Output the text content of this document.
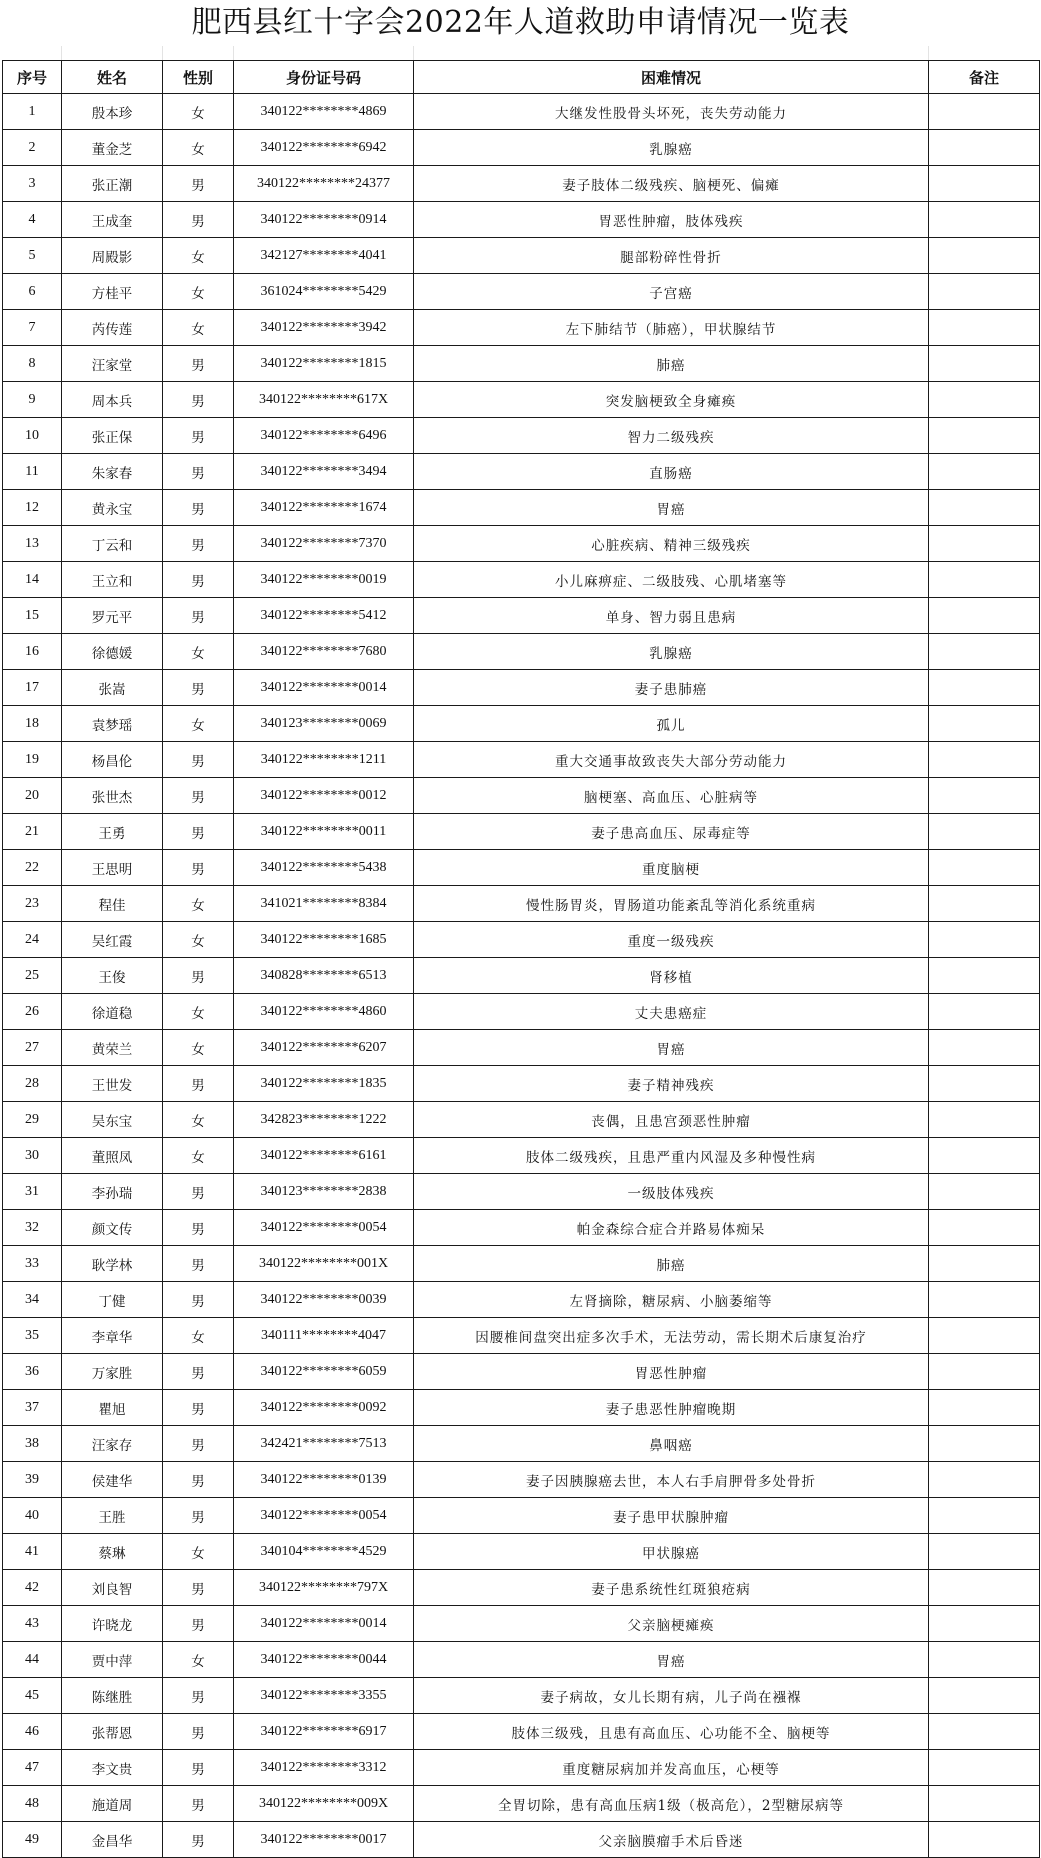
肥西县红十字会2022年人道救助申请情况一览表
序号	姓名	性别	身份证号码	困难情况	备注
1	殷本珍	女	340122********4869	大继发性股骨头坏死，丧失劳动能力	
2	董金芝	女	340122********6942	乳腺癌	
3	张正潮	男	340122********24377	妻子肢体二级残疾、脑梗死、偏瘫	
4	王成奎	男	340122********0914	胃恶性肿瘤，肢体残疾	
5	周殿影	女	342127********4041	腿部粉碎性骨折	
6	方桂平	女	361024********5429	子宫癌	
7	芮传莲	女	340122********3942	左下肺结节（肺癌），甲状腺结节	
8	汪家堂	男	340122********1815	肺癌	
9	周本兵	男	340122********617X	突发脑梗致全身瘫痪	
10	张正保	男	340122********6496	智力二级残疾	
11	朱家春	男	340122********3494	直肠癌	
12	黄永宝	男	340122********1674	胃癌	
13	丁云和	男	340122********7370	心脏疾病、精神三级残疾	
14	王立和	男	340122********0019	小儿麻痹症、二级肢残、心肌堵塞等	
15	罗元平	男	340122********5412	单身、智力弱且患病	
16	徐德媛	女	340122********7680	乳腺癌	
17	张嵩	男	340122********0014	妻子患肺癌	
18	袁梦瑶	女	340123********0069	孤儿	
19	杨昌伦	男	340122********1211	重大交通事故致丧失大部分劳动能力	
20	张世杰	男	340122********0012	脑梗塞、高血压、心脏病等	
21	王勇	男	340122********0011	妻子患高血压、尿毒症等	
22	王思明	男	340122********5438	重度脑梗	
23	程佳	女	341021********8384	慢性肠胃炎，胃肠道功能紊乱等消化系统重病	
24	吴红霞	女	340122********1685	重度一级残疾	
25	王俊	男	340828********6513	肾移植	
26	徐道稳	女	340122********4860	丈夫患癌症	
27	黄荣兰	女	340122********6207	胃癌	
28	王世发	男	340122********1835	妻子精神残疾	
29	吴东宝	女	342823********1222	丧偶，且患宫颈恶性肿瘤	
30	董照凤	女	340122********6161	肢体二级残疾，且患严重内风湿及多种慢性病	
31	李孙瑞	男	340123********2838	一级肢体残疾	
32	颜文传	男	340122********0054	帕金森综合症合并路易体痴呆	
33	耿学林	男	340122********001X	肺癌	
34	丁健	男	340122********0039	左肾摘除，糖尿病、小脑萎缩等	
35	李章华	女	340111********4047	因腰椎间盘突出症多次手术，无法劳动，需长期术后康复治疗	
36	万家胜	男	340122********6059	胃恶性肿瘤	
37	瞿旭	男	340122********0092	妻子患恶性肿瘤晚期	
38	汪家存	男	342421********7513	鼻咽癌	
39	侯建华	男	340122********0139	妻子因胰腺癌去世，本人右手肩胛骨多处骨折	
40	王胜	男	340122********0054	妻子患甲状腺肿瘤	
41	蔡琳	女	340104********4529	甲状腺癌	
42	刘良智	男	340122********797X	妻子患系统性红斑狼疮病	
43	许晓龙	男	340122********0014	父亲脑梗瘫痪	
44	贾中萍	女	340122********0044	胃癌	
45	陈继胜	男	340122********3355	妻子病故，女儿长期有病，儿子尚在襁褓	
46	张帮恩	男	340122********6917	肢体三级残，且患有高血压、心功能不全、脑梗等	
47	李文贵	男	340122********3312	重度糖尿病加并发高血压，心梗等	
48	施道周	男	340122********009X	全胃切除，患有高血压病1级（极高危），2型糖尿病等	
49	金昌华	男	340122********0017	父亲脑膜瘤手术后昏迷	
